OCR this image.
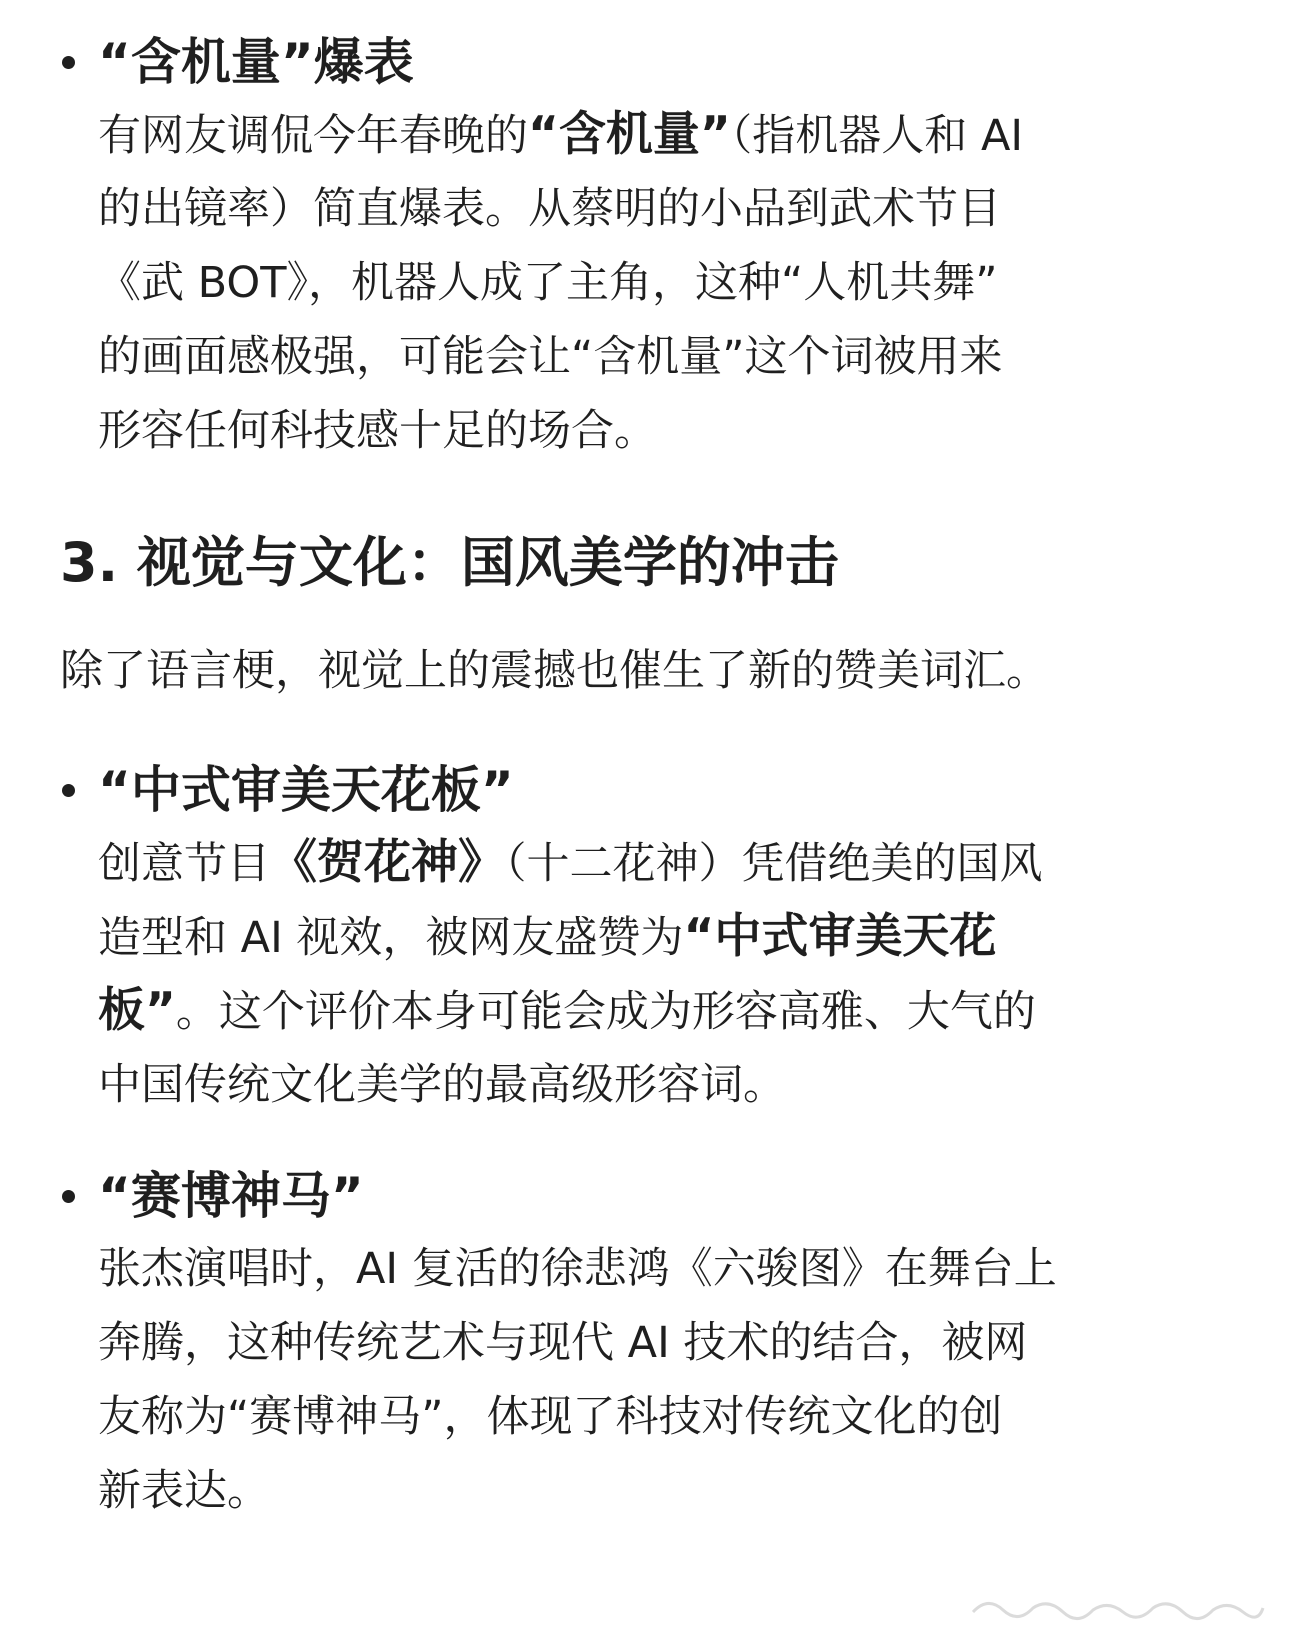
“含机量”爆表
有网友调侃今年春晚的“含机量”（指机器人和 AI
的出镜率）简直爆表。从蔡明的小品到武术节目
《武 BOT》，机器人成了主角，这种“人机共舞”
的画面感极强，可能会让“含机量”这个词被用来
形容任何科技感十足的场合。
3. 视觉与文化：国风美学的冲击
除了语言梗，视觉上的震撼也催生了新的赞美词汇。
“中式审美天花板”
创意节目《贺花神》（十二花神）凭借绝美的国风
造型和 AI 视效，被网友盛赞为“中式审美天花
板”。这个评价本身可能会成为形容高雅、大气的
中国传统文化美学的最高级形容词。
“赛博神马”
张杰演唱时，AI 复活的徐悲鸿《六骏图》在舞台上
奔腾，这种传统艺术与现代 AI 技术的结合，被网
友称为“赛博神马”，体现了科技对传统文化的创
新表达。
